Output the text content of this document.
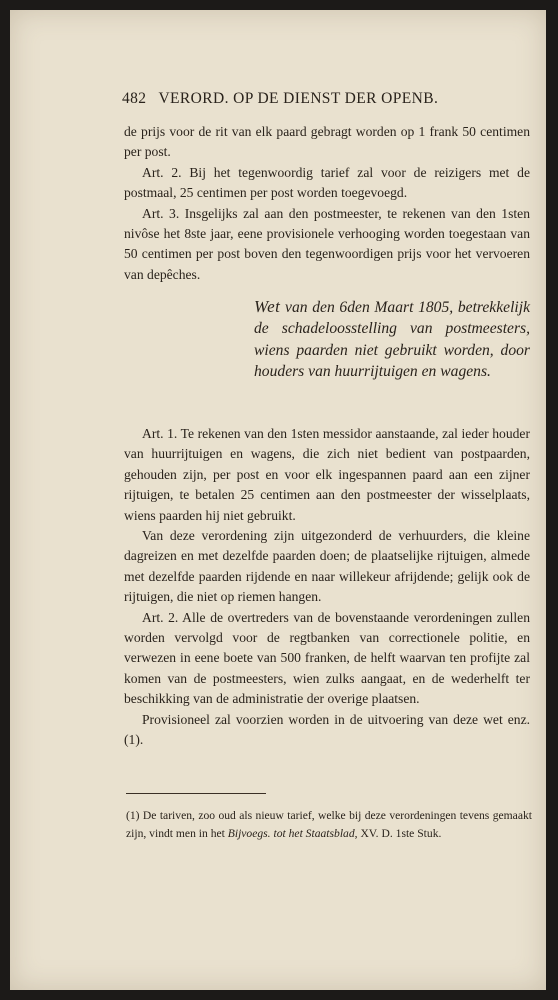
482 VERORD. OP DE DIENST DER OPENB.

de prijs voor de rit van elk paard gebragt worden op 1 frank 50 centimen per post.

Art. 2. Bij het tegenwoordig tarief zal voor de reizigers met de postmaal, 25 centimen per post worden toegevoegd.

Art. 3. Insgelijks zal aan den postmeester, te rekenen van den 1sten nivôse het 8ste jaar, eene provisionele verhooging worden toegestaan van 50 centimen per post boven den tegenwoordigen prijs voor het vervoeren van depêches.

Wet van den 6den Maart 1805, betrekkelijk de schadeloosstelling van postmeesters, wiens paarden niet gebruikt worden, door houders van huurrijtuigen en wagens.

Art. 1. Te rekenen van den 1sten messidor aanstaande, zal ieder houder van huurrijtuigen en wagens, die zich niet bedient van postpaarden, gehouden zijn, per post en voor elk ingespannen paard aan een zijner rijtuigen, te betalen 25 centimen aan den postmeester der wisselplaats, wiens paarden hij niet gebruikt.

Van deze verordening zijn uitgezonderd de verhuurders, die kleine dagreizen en met dezelfde paarden doen; de plaatselijke rijtuigen, almede met dezelfde paarden rijdende en naar willekeur afrijdende; gelijk ook de rijtuigen, die niet op riemen hangen.

Art. 2. Alle de overtreders van de bovenstaande verordeningen zullen worden vervolgd voor de regtbanken van correctionele politie, en verwezen in eene boete van 500 franken, de helft waarvan ten profijte zal komen van de postmeesters, wien zulks aangaat, en de wederhelft ter beschikking van de administratie der overige plaatsen.

Provisioneel zal voorzien worden in de uitvoering van deze wet enz. (1).

(1) De tariven, zoo oud als nieuw tarief, welke bij deze verordeningen tevens gemaakt zijn, vindt men in het Bijvoegs. tot het Staatsblad, XV. D. 1ste Stuk.
